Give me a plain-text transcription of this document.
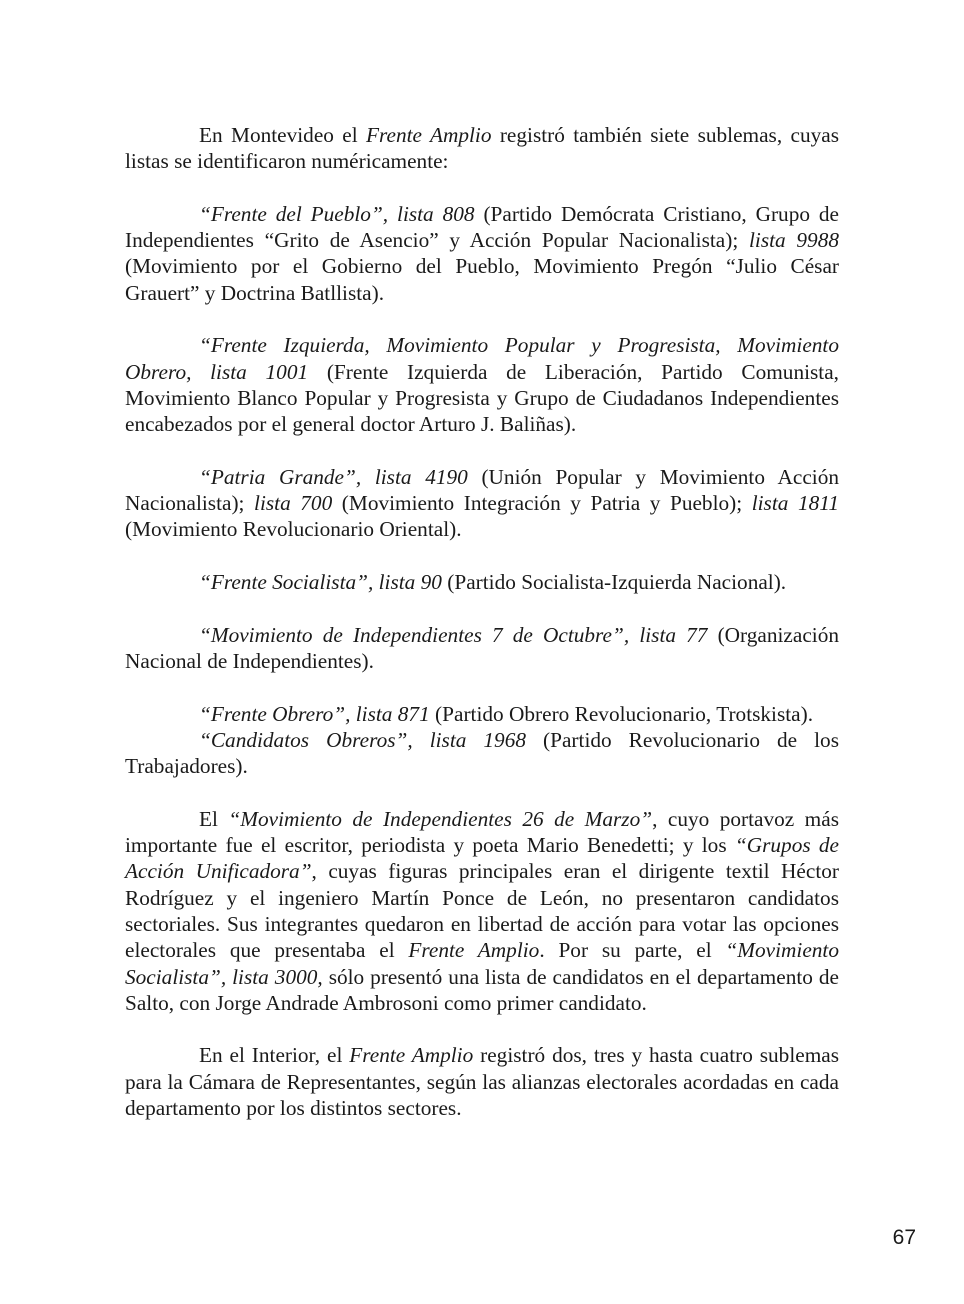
En Montevideo el Frente Amplio registró también siete sublemas, cuyas listas se identificaron numéricamente:

“Frente del Pueblo”, lista 808 (Partido Demócrata Cristiano, Grupo de Independientes “Grito de Asencio” y Acción Popular Nacionalista); lista 9988 (Movimiento por el Gobierno del Pueblo, Movimiento Pregón “Julio César Grauert” y Doctrina Batllista).

“Frente Izquierda, Movimiento Popular y Progresista, Movimiento Obrero, lista 1001 (Frente Izquierda de Liberación, Partido Comunista, Movimiento Blanco Popular y Progresista y Grupo de Ciudadanos Independientes encabezados por el general doctor Arturo J. Baliñas).

“Patria Grande”, lista 4190 (Unión Popular y Movimiento Acción Nacionalista); lista 700 (Movimiento Integración y Patria y Pueblo); lista 1811 (Movimiento Revolucionario Oriental).

“Frente Socialista”, lista 90 (Partido Socialista-Izquierda Nacional).

“Movimiento de Independientes 7 de Octubre”, lista 77 (Organización Nacional de Independientes).

“Frente Obrero”, lista 871 (Partido Obrero Revolucionario, Trotskista).

“Candidatos Obreros”, lista 1968 (Partido Revolucionario de los Trabajadores).

El “Movimiento de Independientes 26 de Marzo”, cuyo portavoz más importante fue el escritor, periodista y poeta Mario Benedetti; y los “Grupos de Acción Unificadora”, cuyas figuras principales eran el dirigente textil Héctor Rodríguez y el ingeniero Martín Ponce de León, no presentaron candidatos sectoriales. Sus integrantes quedaron en libertad de acción para votar las opciones electorales que presentaba el Frente Amplio. Por su parte, el “Movimiento Socialista”, lista 3000, sólo presentó una lista de candidatos en el departamento de Salto, con Jorge Andrade Ambrosoni como primer candidato.

En el Interior, el Frente Amplio registró dos, tres y hasta cuatro sublemas para la Cámara de Representantes, según las alianzas electorales acordadas en cada departamento por los distintos sectores.

67
